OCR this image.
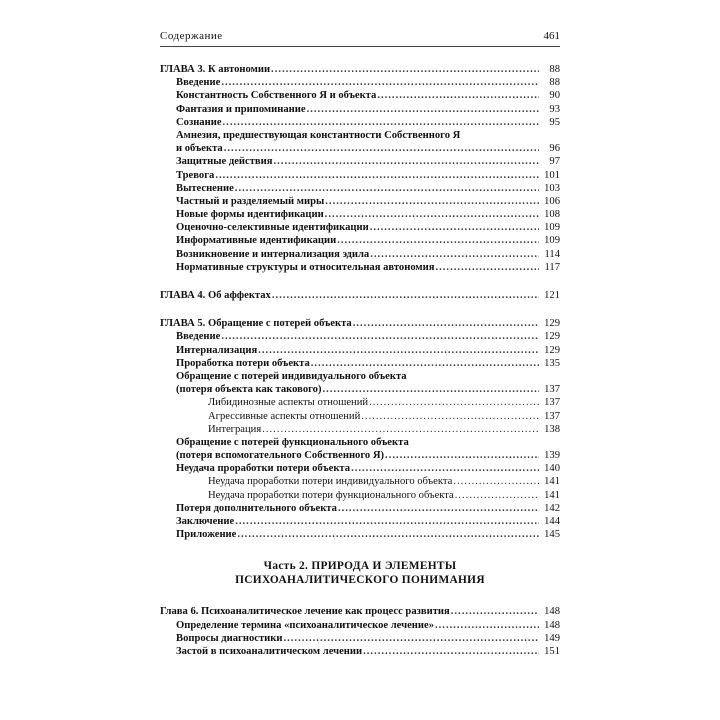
Содержание	461
ГЛАВА 3. К автономии .....	88
Введение .....	88
Константность Собственного Я и объекта .....	90
Фантазия и припоминание .....	93
Сознание .....	95
Амнезия, предшествующая константности Собственного Я
и объекта .....	96
Защитные действия .....	97
Тревога .....	101
Вытеснение .....	103
Частный и разделяемый миры .....	106
Новые формы идентификации .....	108
Оценочно-селективные идентификации .....	109
Информативные идентификации .....	109
Возникновение и интернализация эдила .....	114
Нормативные структуры и относительная автономия .....	117
ГЛАВА 4. Об аффектах .....	121
ГЛАВА 5. Обращение с потерей объекта .....	129
Введение .....	129
Интернализация .....	129
Проработка потери объекта .....	135
Обращение с потерей индивидуального объекта
(потеря объекта как такового) .....	137
Либидинозные аспекты отношений .....	137
Агрессивные аспекты отношений .....	137
Интеграция .....	138
Обращение с потерей функционального объекта
(потеря вспомогательного Собственного Я) .....	139
Неудача проработки потери объекта .....	140
Неудача проработки потери индивидуального объекта .....	141
Неудача проработки потери функционального объекта .....	141
Потеря дополнительного объекта .....	142
Заключение .....	144
Приложение .....	145
Часть 2. ПРИРОДА И ЭЛЕМЕНТЫ
ПСИХОАНАЛИТИЧЕСКОГО ПОНИМАНИЯ
Глава 6. Психоаналитическое лечение как процесс развития .....	148
Определение термина «психоаналитическое лечение» .....	148
Вопросы диагностики .....	149
Застой в психоаналитическом лечении .....	151
